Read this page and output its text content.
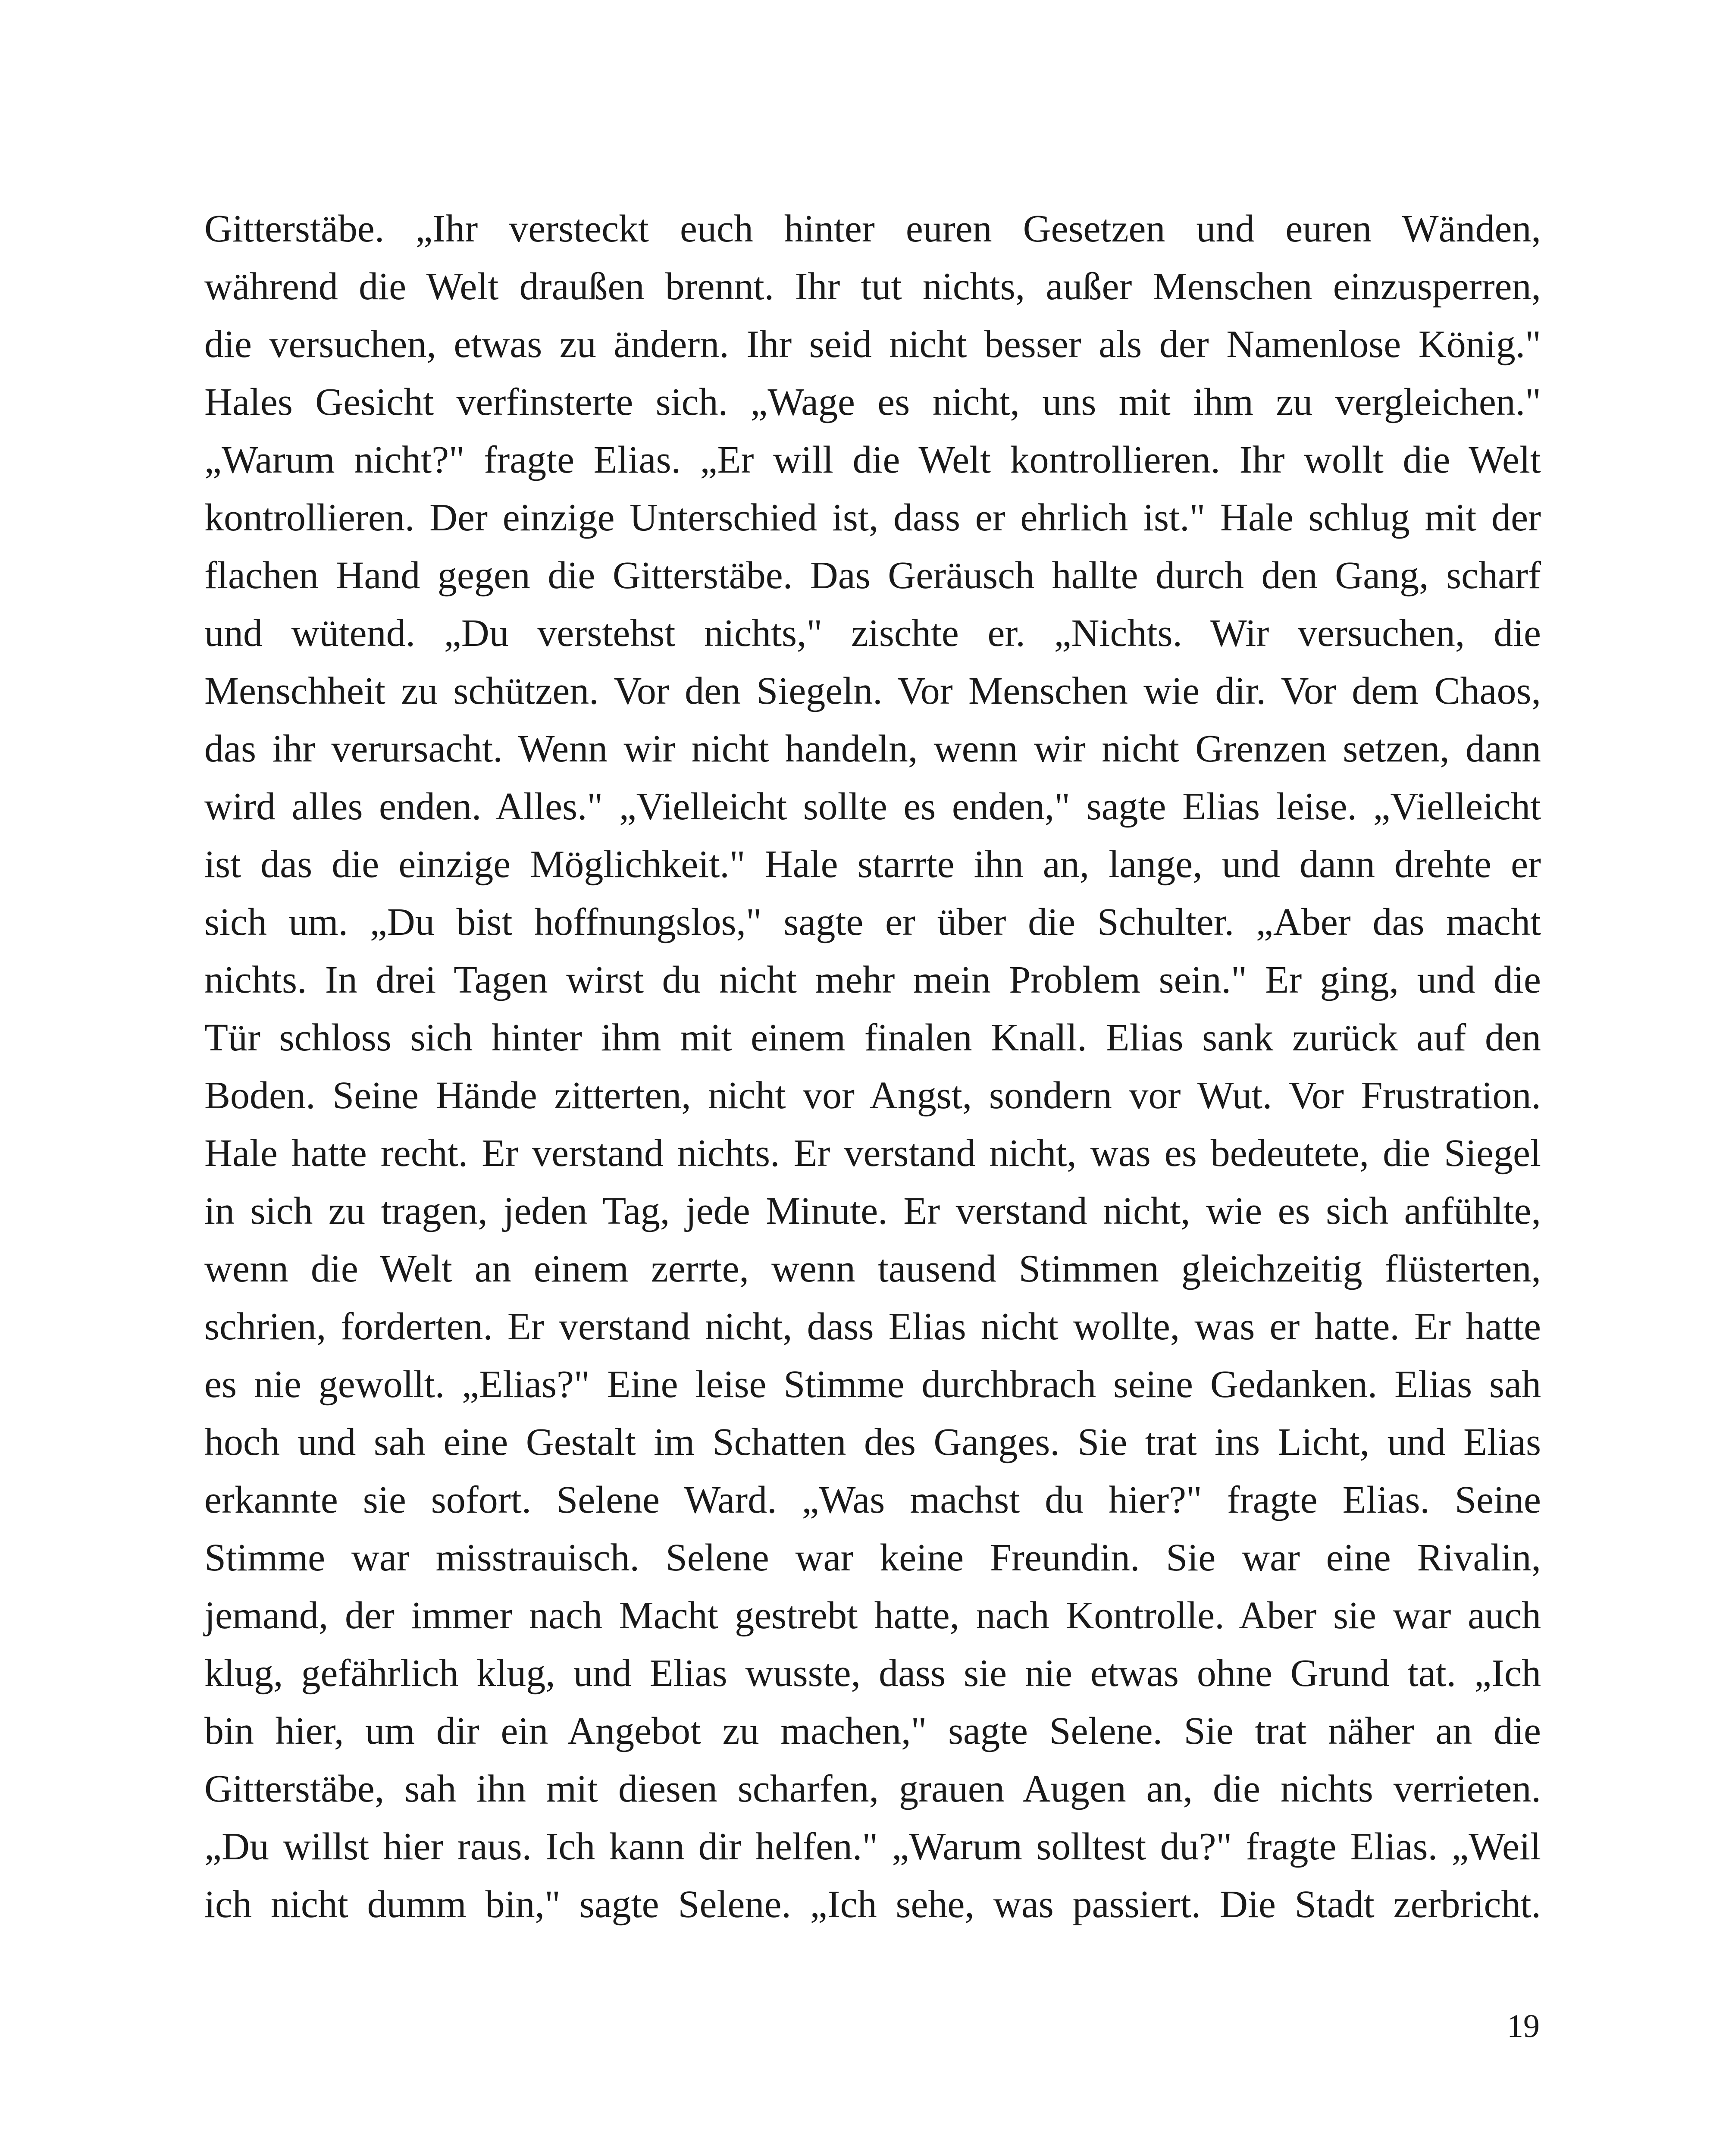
Gitterstäbe. „Ihr versteckt euch hinter euren Gesetzen und euren Wänden,
während die Welt draußen brennt. Ihr tut nichts, außer Menschen einzusperren,
die versuchen, etwas zu ändern. Ihr seid nicht besser als der Namenlose König."
Hales Gesicht verfinsterte sich. „Wage es nicht, uns mit ihm zu vergleichen."
„Warum nicht?" fragte Elias. „Er will die Welt kontrollieren. Ihr wollt die Welt
kontrollieren. Der einzige Unterschied ist, dass er ehrlich ist." Hale schlug mit der
flachen Hand gegen die Gitterstäbe. Das Geräusch hallte durch den Gang, scharf
und wütend. „Du verstehst nichts," zischte er. „Nichts. Wir versuchen, die
Menschheit zu schützen. Vor den Siegeln. Vor Menschen wie dir. Vor dem Chaos,
das ihr verursacht. Wenn wir nicht handeln, wenn wir nicht Grenzen setzen, dann
wird alles enden. Alles." „Vielleicht sollte es enden," sagte Elias leise. „Vielleicht
ist das die einzige Möglichkeit." Hale starrte ihn an, lange, und dann drehte er
sich um. „Du bist hoffnungslos," sagte er über die Schulter. „Aber das macht
nichts. In drei Tagen wirst du nicht mehr mein Problem sein." Er ging, und die
Tür schloss sich hinter ihm mit einem finalen Knall. Elias sank zurück auf den
Boden. Seine Hände zitterten, nicht vor Angst, sondern vor Wut. Vor Frustration.
Hale hatte recht. Er verstand nichts. Er verstand nicht, was es bedeutete, die Siegel
in sich zu tragen, jeden Tag, jede Minute. Er verstand nicht, wie es sich anfühlte,
wenn die Welt an einem zerrte, wenn tausend Stimmen gleichzeitig flüsterten,
schrien, forderten. Er verstand nicht, dass Elias nicht wollte, was er hatte. Er hatte
es nie gewollt. „Elias?" Eine leise Stimme durchbrach seine Gedanken. Elias sah
hoch und sah eine Gestalt im Schatten des Ganges. Sie trat ins Licht, und Elias
erkannte sie sofort. Selene Ward. „Was machst du hier?" fragte Elias. Seine
Stimme war misstrauisch. Selene war keine Freundin. Sie war eine Rivalin,
jemand, der immer nach Macht gestrebt hatte, nach Kontrolle. Aber sie war auch
klug, gefährlich klug, und Elias wusste, dass sie nie etwas ohne Grund tat. „Ich
bin hier, um dir ein Angebot zu machen," sagte Selene. Sie trat näher an die
Gitterstäbe, sah ihn mit diesen scharfen, grauen Augen an, die nichts verrieten.
„Du willst hier raus. Ich kann dir helfen." „Warum solltest du?" fragte Elias. „Weil
ich nicht dumm bin," sagte Selene. „Ich sehe, was passiert. Die Stadt zerbricht.
19
